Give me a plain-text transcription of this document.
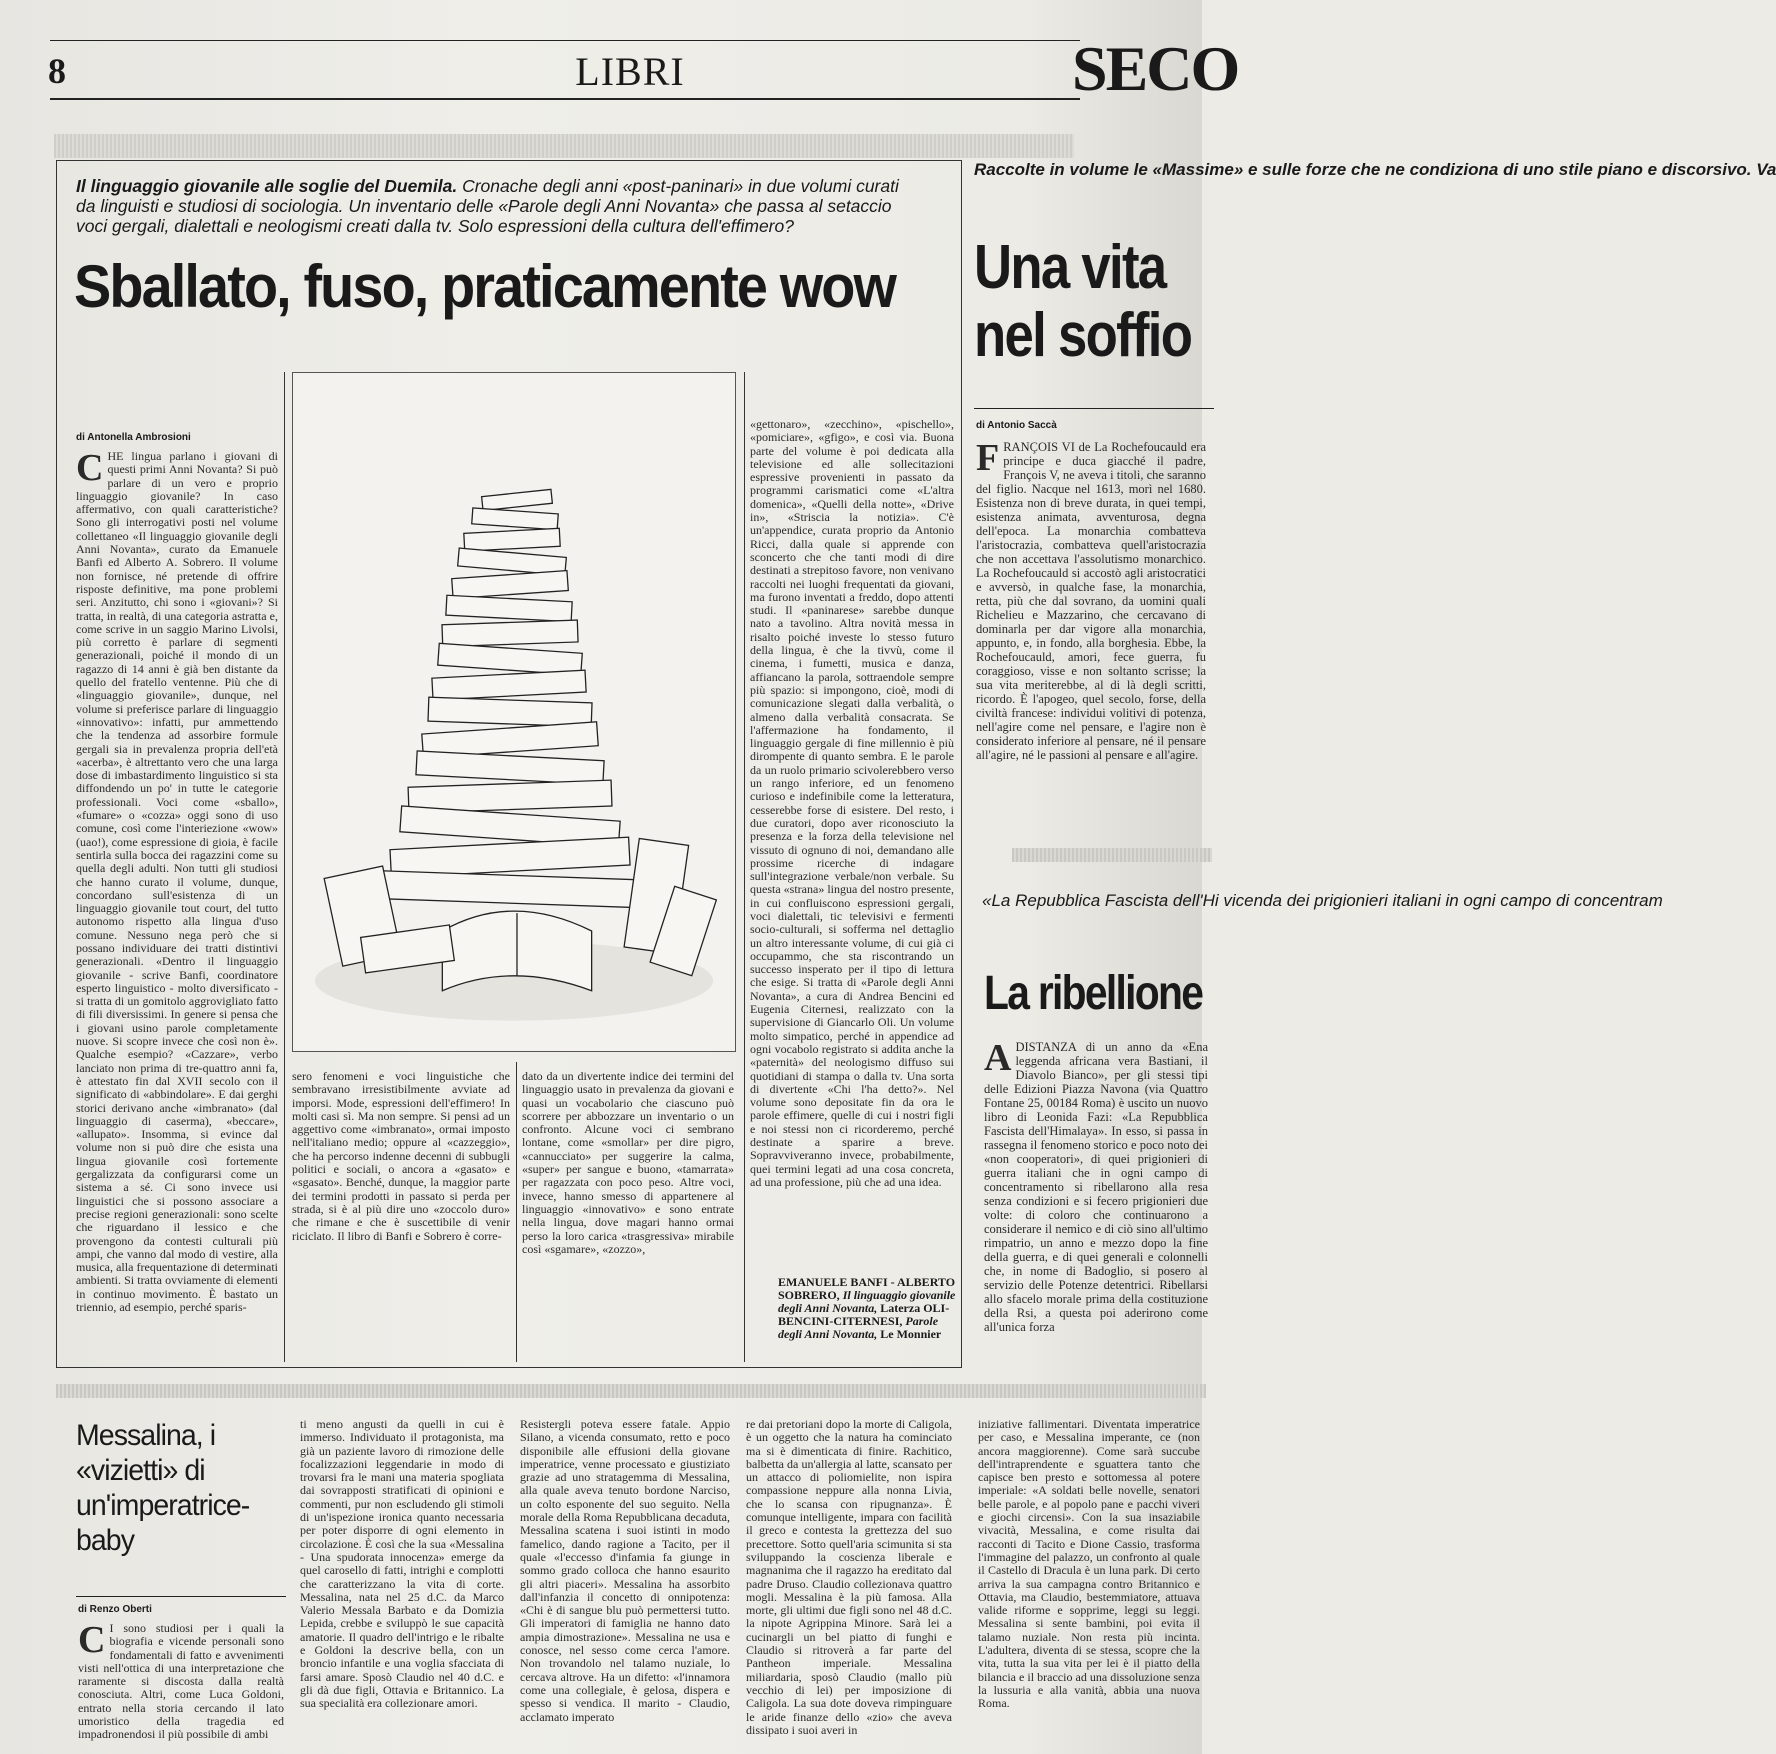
8	LIBRI	SECO
Il linguaggio giovanile alle soglie del Duemila. Cronache degli anni «post-paninari» in due volumi curati da linguisti e studiosi di sociologia. Un inventario delle «Parole degli Anni Novanta» che passa al setaccio voci gergali, dialettali e neologismi creati dalla tv. Solo espressioni della cultura dell'effimero?
Sballato, fuso, praticamente wow
di Antonella Ambrosioni
CHE lingua parlano i giovani di questi primi Anni Novanta? Si può parlare di un vero e proprio linguaggio giovanile? In caso affermativo, con quali caratteristiche? Sono gli interrogativi posti nel volume collettaneo «Il linguaggio giovanile degli Anni Novanta», curato da Emanuele Banfi ed Alberto A. Sobrero. Il volume non fornisce, né pretende di offrire risposte definitive, ma pone problemi seri. Anzitutto, chi sono i «giovani»? Si tratta, in realtà, di una categoria astratta e, come scrive in un saggio Marino Livolsi, più corretto è parlare di segmenti generazionali, poiché il mondo di un ragazzo di 14 anni è già ben distante da quello del fratello ventenne. Più che di «linguaggio giovanile», dunque, nel volume si preferisce parlare di linguaggio «innovativo»: infatti, pur ammettendo che la tendenza ad assorbire formule gergali sia in prevalenza propria dell'età «acerba», è altrettanto vero che una larga dose di imbastardimento linguistico si sta diffondendo un po' in tutte le categorie professionali. Voci come «sballo», «fumare» o «cozza» oggi sono di uso comune, così come l'interiezione «wow» (uao!), come espressione di gioia, è facile sentirla sulla bocca dei ragazzini come su quella degli adulti. Non tutti gli studiosi che hanno curato il volume, dunque, concordano sull'esistenza di un linguaggio giovanile tout court, del tutto autonomo rispetto alla lingua d'uso comune. Nessuno nega però che si possano individuare dei tratti distintivi generazionali. «Dentro il linguaggio giovanile - scrive Banfi, coordinatore esperto linguistico - molto diversificato - si tratta di un gomitolo aggrovigliato fatto di fili diversissimi. In genere si pensa che i giovani usino parole completamente nuove. Si scopre invece che così non è». Qualche esempio? «Cazzare», verbo lanciato non prima di tre-quattro anni fa, è attestato fin dal XVII secolo con il significato di «abbindolare». E dai gerghi storici derivano anche «imbranato» (dal linguaggio di caserma), «beccare», «allupato». Insomma, si evince dal volume non si può dire che esista una lingua giovanile così fortemente gergalizzata da configurarsi come un sistema a sé. Ci sono invece usi linguistici che si possono associare a precise regioni generazionali: sono scelte che riguardano il lessico e che provengono da contesti culturali più ampi, che vanno dal modo di vestire, alla musica, alla frequentazione di determinati ambienti. Si tratta ovviamente di elementi in continuo movimento. È bastato un triennio, ad esempio, perché sparis-
sero fenomeni e voci linguistiche che sembravano irresistibilmente avviate ad imporsi. Mode, espressioni dell'effimero! In molti casi sì. Ma non sempre. Si pensi ad un aggettivo come «imbranato», ormai imposto nell'italiano medio; oppure al «cazzeggio», che ha percorso indenne decenni di subbugli politici e sociali, o ancora a «gasato» e «sgasato». Benché, dunque, la maggior parte dei termini prodotti in passato si perda per strada, si è al più dire uno «zoccolo duro» che rimane e che è suscettibile di venir riciclato. Il libro di Banfi e Sobrero è corre-
dato da un divertente indice dei termini del linguaggio usato in prevalenza da giovani e quasi un vocabolario che ciascuno può scorrere per abbozzare un inventario o un confronto. Alcune voci ci sembrano lontane, come «smollar» per dire pigro, «cannucciato» per suggerire la calma, «super» per sangue e buono, «tamarrata» per ragazzata con poco peso. Altre voci, invece, hanno smesso di appartenere al linguaggio «innovativo» e sono entrate nella lingua, dove magari hanno ormai perso la loro carica «trasgressiva» mirabile così «sgamare», «zozzo»,
«gettonaro», «zecchino», «pischello», «pomiciare», «gfigo», e così via. Buona parte del volume è poi dedicata alla televisione ed alle sollecitazioni espressive provenienti in passato da programmi carismatici come «L'altra domenica», «Quelli della notte», «Drive in», «Striscia la notizia». C'è un'appendice, curata proprio da Antonio Ricci, dalla quale si apprende con sconcerto che che tanti modi di dire destinati a strepitoso favore, non venivano raccolti nei luoghi frequentati da giovani, ma furono inventati a freddo, dopo attenti studi. Il «paninarese» sarebbe dunque nato a tavolino. Altra novità messa in risalto poiché investe lo stesso futuro della lingua, è che la tivvù, come il cinema, i fumetti, musica e danza, affiancano la parola, sottraendole sempre più spazio: si impongono, cioè, modi di comunicazione slegati dalla verbalità, o almeno dalla verbalità consacrata. Se l'affermazione ha fondamento, il linguaggio gergale di fine millennio è più dirompente di quanto sembra. E le parole da un ruolo primario scivolerebbero verso un rango inferiore, ed un fenomeno curioso e indefinibile come la letteratura, cesserebbe forse di esistere. Del resto, i due curatori, dopo aver riconosciuto la presenza e la forza della televisione nel vissuto di ognuno di noi, demandano alle prossime ricerche di indagare sull'integrazione verbale/non verbale. Su questa «strana» lingua del nostro presente, in cui confluiscono espressioni gergali, voci dialettali, tic televisivi e fermenti socio-culturali, si sofferma nel dettaglio un altro interessante volume, di cui già ci occupammo, che sta riscontrando un successo insperato per il tipo di lettura che esige. Si tratta di «Parole degli Anni Novanta», a cura di Andrea Bencini ed Eugenia Citernesi, realizzato con la supervisione di Giancarlo Oli. Un volume molto simpatico, perché in appendice ad ogni vocabolo registrato si addita anche la «paternità» del neologismo diffuso sui quotidiani di stampa o dalla tv. Una sorta di divertente «Chi l'ha detto?». Nel volume sono depositate fin da ora le parole effimere, quelle di cui i nostri figli e noi stessi non ci ricorderemo, perché destinate a sparire a breve. Sopravviveranno invece, probabilmente, quei termini legati ad una cosa concreta, ad una professione, più che ad una idea.
EMANUELE BANFI - ALBERTO SOBRERO, Il linguaggio giovanile degli Anni Novanta, Laterza OLI-BENCINI-CITERNESI, Parole degli Anni Novanta, Le Monnier
Raccolte in volume le «Massime» e sulle forze che ne condiziona di uno stile piano e discorsivo. Va
Una vita
nel soffio
di Antonio Saccà
FRANÇOIS VI de La Rochefoucauld era principe e duca giacché il padre, François V, ne aveva i titoli, che saranno del figlio. Nacque nel 1613, morì nel 1680. Esistenza non di breve durata, in quei tempi, esistenza animata, avventurosa, degna dell'epoca. La monarchia combatteva l'aristocrazia, combatteva quell'aristocrazia che non accettava l'assolutismo monarchico. La Rochefoucauld si accostò agli aristocratici e avversò, in qualche fase, la monarchia, retta, più che dal sovrano, da uomini quali Richelieu e Mazzarino, che cercavano di dominarla per dar vigore alla monarchia, appunto, e, in fondo, alla borghesia. Ebbe, la Rochefoucauld, amori, fece guerra, fu coraggioso, visse e non soltanto scrisse; la sua vita meriterebbe, al di là degli scritti, ricordo. È l'apogeo, quel secolo, forse, della civiltà francese: individui volitivi di potenza, nell'agire come nel pensare, e l'agire non è considerato inferiore al pensare, né il pensare all'agire, né le passioni al pensare e all'agire.
«La Repubblica Fascista dell'Hi vicenda dei prigionieri italiani in ogni campo di concentram
La ribellione
ADISTANZA di un anno da «Ena leggenda africana vera Bastiani, il Diavolo Bianco», per gli stessi tipi delle Edizioni Piazza Navona (via Quattro Fontane 25, 00184 Roma) è uscito un nuovo libro di Leonida Fazi: «La Repubblica Fascista dell'Himalaya». In esso, si passa in rassegna il fenomeno storico e poco noto dei «non cooperatori», di quei prigionieri di guerra italiani che in ogni campo di concentramento si ribellarono alla resa senza condizioni e si fecero prigionieri due volte: di coloro che continuarono a considerare il nemico e di ciò sino all'ultimo rimpatrio, un anno e mezzo dopo la fine della guerra, e di quei generali e colonnelli che, in nome di Badoglio, si posero al servizio delle Potenze detentrici. Ribellarsi allo sfacelo morale prima della costituzione della Rsi, a questa poi aderirono come all'unica forza
Messalina, i «vizietti» di un'imperatrice-baby
di Renzo Oberti
C I sono studiosi per i quali la biografia e vicende personali sono fondamentali di fatto e avvenimenti visti nell'ottica di una interpretazione che raramente si discosta dalla realtà conosciuta. Altri, come Luca Goldoni, entrato nella storia cercando il lato umoristico della tragedia ed impadronendosi il più possibile di ambi
ti meno angusti da quelli in cui è immerso. Individuato il protagonista, ma già un paziente lavoro di rimozione delle focalizzazioni leggendarie in modo di trovarsi fra le mani una materia spogliata dai sovrapposti stratificati di opinioni e commenti, pur non escludendo gli stimoli di un'ispezione ironica quanto necessaria per poter disporre di ogni elemento in circolazione. È così che la sua «Messalina - Una spudorata innocenza» emerge da quel carosello di fatti, intrighi e complotti che caratterizzano la vita di corte. Messalina, nata nel 25 d.C. da Marco Valerio Messala Barbato e da Domizia Lepida, crebbe e sviluppò le sue capacità amatorie. Il quadro dell'intrigo e le ribalte e Goldoni la descrive bella, con un broncio infantile e una voglia sfacciata di farsi amare. Sposò Claudio nel 40 d.C. e gli dà due figli, Ottavia e Britannico. La sua specialità era collezionare amori.
Resistergli poteva essere fatale. Appio Silano, a vicenda consumato, retto e poco disponibile alle effusioni della giovane imperatrice, venne processato e giustiziato grazie ad uno stratagemma di Messalina, alla quale aveva tenuto bordone Narciso, un colto esponente del suo seguito. Nella morale della Roma Repubblicana decaduta, Messalina scatena i suoi istinti in modo famelico, dando ragione a Tacito, per il quale «l'eccesso d'infamia fa giunge in sommo grado colloca che hanno esaurito gli altri piaceri». Messalina ha assorbito dall'infanzia il concetto di onnipotenza: «Chi è di sangue blu può permettersi tutto. Gli imperatori di famiglia ne hanno dato ampia dimostrazione». Messalina ne usa e conosce, nel sesso come cerca l'amore. Non trovandolo nel talamo nuziale, lo cercava altrove. Ha un difetto: «l'innamora come una collegiale, è gelosa, dispera e spesso si vendica. Il marito - Claudio, acclamato imperato
re dai pretoriani dopo la morte di Caligola, è un oggetto che la natura ha cominciato ma si è dimenticata di finire. Rachitico, balbetta da un'allergia al latte, scansato per un attacco di poliomielite, non ispira compassione neppure alla nonna Livia, che lo scansa con ripugnanza». È comunque intelligente, impara con facilità il greco e contesta la grettezza del suo precettore. Sotto quell'aria scimunita si sta sviluppando la coscienza liberale e magnanima che il ragazzo ha ereditato dal padre Druso. Claudio collezionava quattro mogli. Messalina è la più famosa. Alla morte, gli ultimi due figli sono nel 48 d.C. la nipote Agrippina Minore. Sarà lei a cucinargli un bel piatto di funghi e Claudio si ritroverà a far parte del Pantheon imperiale. Messalina miliardaria, sposò Claudio (mallo più vecchio di lei) per imposizione di Caligola. La sua dote doveva rimpinguare le aride finanze dello «zio» che aveva dissipato i suoi averi in
iniziative fallimentari. Diventata imperatrice per caso, e Messalina imperante, ce (non ancora maggiorenne). Come sarà succube dell'intraprendente e sguattera tanto che capisce ben presto e sottomessa al potere imperiale: «A soldati belle novelle, senatori belle parole, e al popolo pane e pacchi viveri e giochi circensi». Con la sua insaziabile vivacità, Messalina, e come risulta dai racconti di Tacito e Dione Cassio, trasforma l'immagine del palazzo, un confronto al quale il Castello di Dracula è un luna park. Di certo arriva la sua campagna contro Britannico e Ottavia, ma Claudio, bestemmiatore, attuava valide riforme e sopprime, leggi su leggi. Messalina si sente bambini, poi evita il talamo nuziale. Non resta più incinta. L'adultera, diventa di se stessa, scopre che la vita, tutta la sua vita per lei è il piatto della bilancia e il braccio ad una dissoluzione senza la lussuria e alla vanità, abbia una nuova Roma.
